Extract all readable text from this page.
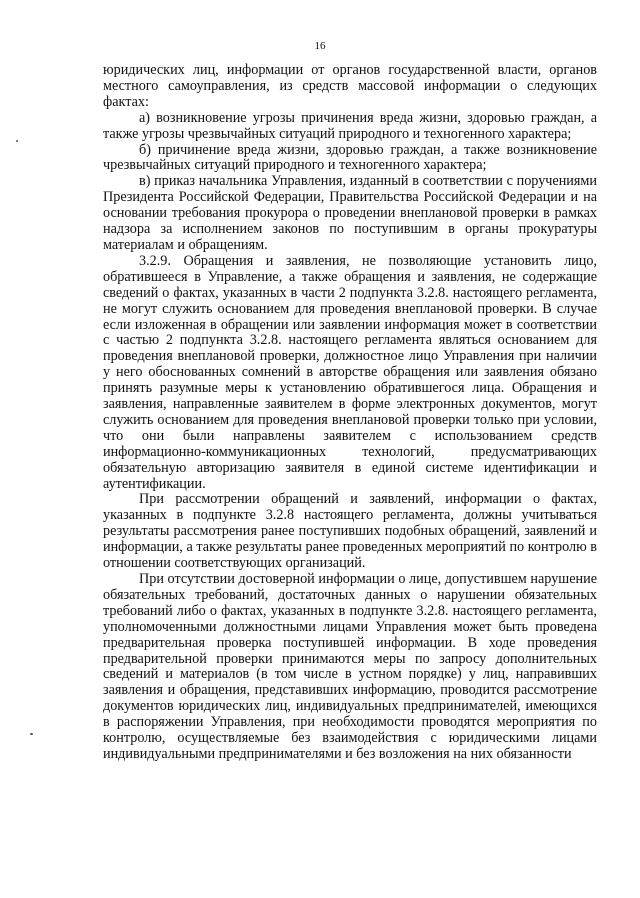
16

юридических лиц, информации от органов государственной власти, органов местного самоуправления, из средств массовой информации о следующих фактах:

а) возникновение угрозы причинения вреда жизни, здоровью граждан, а также угрозы чрезвычайных ситуаций природного и техногенного характера;

б) причинение вреда жизни, здоровью граждан, а также возникновение чрезвычайных ситуаций природного и техногенного характера;

в) приказ начальника Управления, изданный в соответствии с поручениями Президента Российской Федерации, Правительства Российской Федерации и на основании требования прокурора о проведении внеплановой проверки в рамках надзора за исполнением законов по поступившим в органы прокуратуры материалам и обращениям.

3.2.9. Обращения и заявления, не позволяющие установить лицо, обратившееся в Управление, а также обращения и заявления, не содержащие сведений о фактах, указанных в части 2 подпункта 3.2.8. настоящего регламента, не могут служить основанием для проведения внеплановой проверки. В случае если изложенная в обращении или заявлении информация может в соответствии с частью 2 подпункта 3.2.8. настоящего регламента являться основанием для проведения внеплановой проверки, должностное лицо Управления при наличии у него обоснованных сомнений в авторстве обращения или заявления обязано принять разумные меры к установлению обратившегося лица. Обращения и заявления, направленные заявителем в форме электронных документов, могут служить основанием для проведения внеплановой проверки только при условии, что они были направлены заявителем с использованием средств информационно-коммуникационных технологий, предусматривающих обязательную авторизацию заявителя в единой системе идентификации и аутентификации.

При рассмотрении обращений и заявлений, информации о фактах, указанных в подпункте 3.2.8 настоящего регламента, должны учитываться результаты рассмотрения ранее поступивших подобных обращений, заявлений и информации, а также результаты ранее проведенных мероприятий по контролю в отношении соответствующих организаций.

При отсутствии достоверной информации о лице, допустившем нарушение обязательных требований, достаточных данных о нарушении обязательных требований либо о фактах, указанных в подпункте 3.2.8. настоящего регламента, уполномоченными должностными лицами Управления может быть проведена предварительная проверка поступившей информации. В ходе проведения предварительной проверки принимаются меры по запросу дополнительных сведений и материалов (в том числе в устном порядке) у лиц, направивших заявления и обращения, представивших информацию, проводится рассмотрение документов юридических лиц, индивидуальных предпринимателей, имеющихся в распоряжении Управления, при необходимости проводятся мероприятия по контролю, осуществляемые без взаимодействия с юридическими лицами индивидуальными предпринимателями и без возложения на них обязанности
